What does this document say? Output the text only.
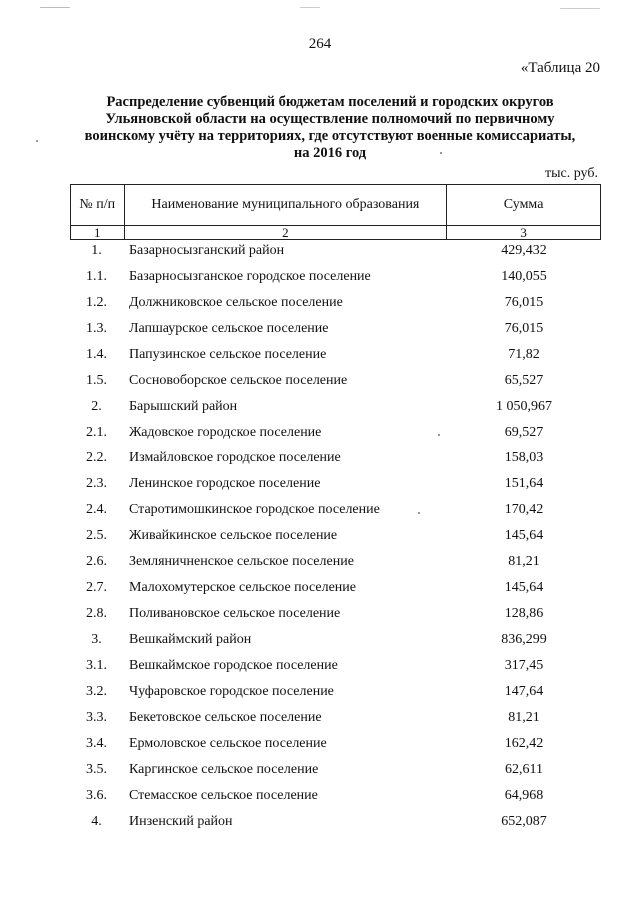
264
«Таблица 20
Распределение субвенций бюджетам поселений и городских округов
Ульяновской области на осуществление полномочий по первичному
воинскому учёту на территориях, где отсутствуют военные комиссариаты,
на 2016 год
тыс. руб.
№ п/п	Наименование муниципального образования	Сумма
1	2	3
1.	Базарносызганский район	429,432
1.1.	Базарносызганское городское поселение	140,055
1.2.	Должниковское сельское поселение	76,015
1.3.	Лапшаурское сельское поселение	76,015
1.4.	Папузинское сельское поселение	71,82
1.5.	Сосновоборское сельское поселение	65,527
2.	Барышский район	1 050,967
2.1.	Жадовское городское поселение	69,527
2.2.	Измайловское городское поселение	158,03
2.3.	Ленинское городское поселение	151,64
2.4.	Старотимошкинское городское поселение	170,42
2.5.	Живайкинское сельское поселение	145,64
2.6.	Земляничненское сельское поселение	81,21
2.7.	Малохомутерское сельское поселение	145,64
2.8.	Поливановское сельское поселение	128,86
3.	Вешкаймский район	836,299
3.1.	Вешкаймское городское поселение	317,45
3.2.	Чуфаровское городское поселение	147,64
3.3.	Бекетовское сельское поселение	81,21
3.4.	Ермоловское сельское поселение	162,42
3.5.	Каргинское сельское поселение	62,611
3.6.	Стемасское сельское поселение	64,968
4.	Инзенский район	652,087
